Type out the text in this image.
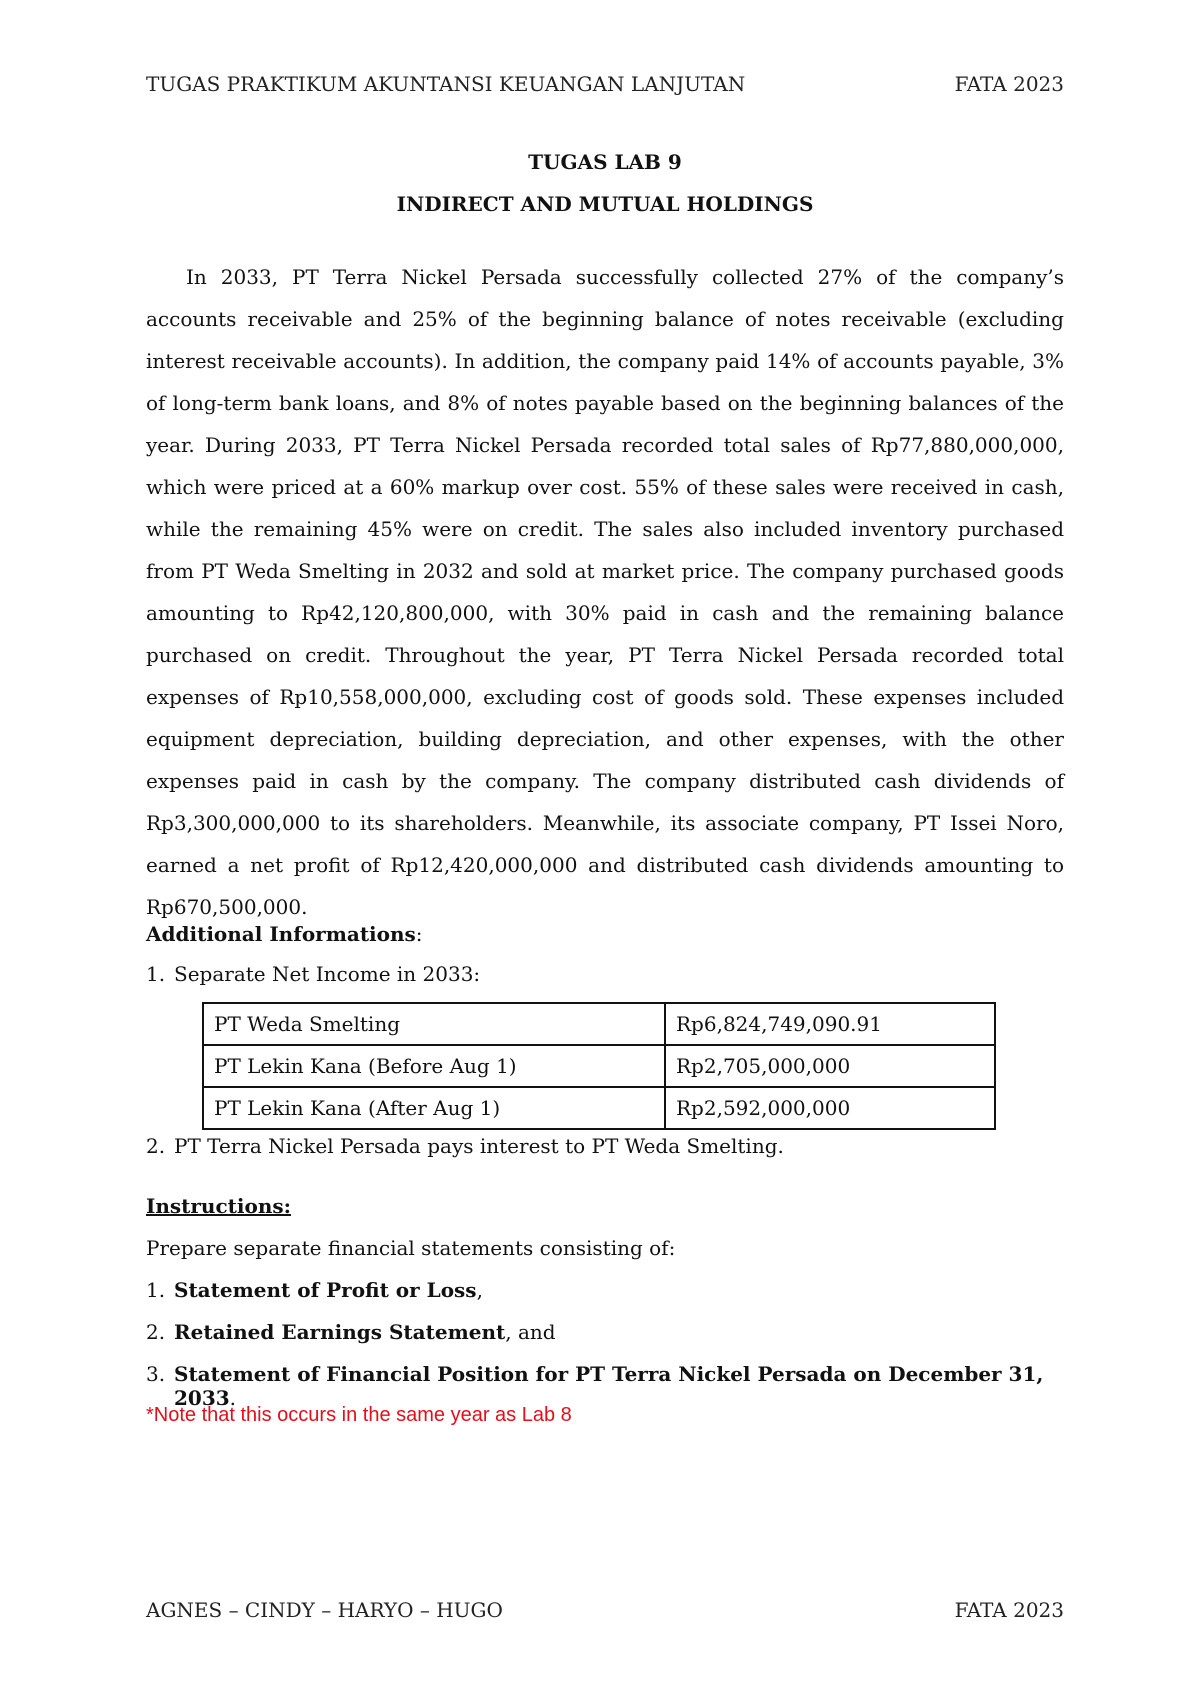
TUGAS PRAKTIKUM AKUNTANSI KEUANGAN LANJUTAN	FATA 2023
TUGAS LAB 9
INDIRECT AND MUTUAL HOLDINGS

In 2033, PT Terra Nickel Persada successfully collected 27% of the company’s accounts receivable and 25% of the beginning balance of notes receivable (excluding interest receivable accounts). In addition, the company paid 14% of accounts payable, 3% of long-term bank loans, and 8% of notes payable based on the beginning balances of the year. During 2033, PT Terra Nickel Persada recorded total sales of Rp77,880,000,000, which were priced at a 60% markup over cost. 55% of these sales were received in cash, while the remaining 45% were on credit. The sales also included inventory purchased from PT Weda Smelting in 2032 and sold at market price. The company purchased goods amounting to Rp42,120,800,000, with 30% paid in cash and the remaining balance purchased on credit. Throughout the year, PT Terra Nickel Persada recorded total expenses of Rp10,558,000,000, excluding cost of goods sold. These expenses included equipment depreciation, building depreciation, and other expenses, with the other expenses paid in cash by the company. The company distributed cash dividends of Rp3,300,000,000 to its shareholders. Meanwhile, its associate company, PT Issei Noro, earned a net profit of Rp12,420,000,000 and distributed cash dividends amounting to Rp670,500,000.

Additional Informations:
1. Separate Net Income in 2033:
PT Weda Smelting	Rp6,824,749,090.91
PT Lekin Kana (Before Aug 1)	Rp2,705,000,000
PT Lekin Kana (After Aug 1)	Rp2,592,000,000
2. PT Terra Nickel Persada pays interest to PT Weda Smelting.
Instructions:
Prepare separate financial statements consisting of:
1. Statement of Profit or Loss,
2. Retained Earnings Statement, and
3. Statement of Financial Position for PT Terra Nickel Persada on December 31, 2033.
*Note that this occurs in the same year as Lab 8
AGNES – CINDY – HARYO – HUGO	FATA 2023
